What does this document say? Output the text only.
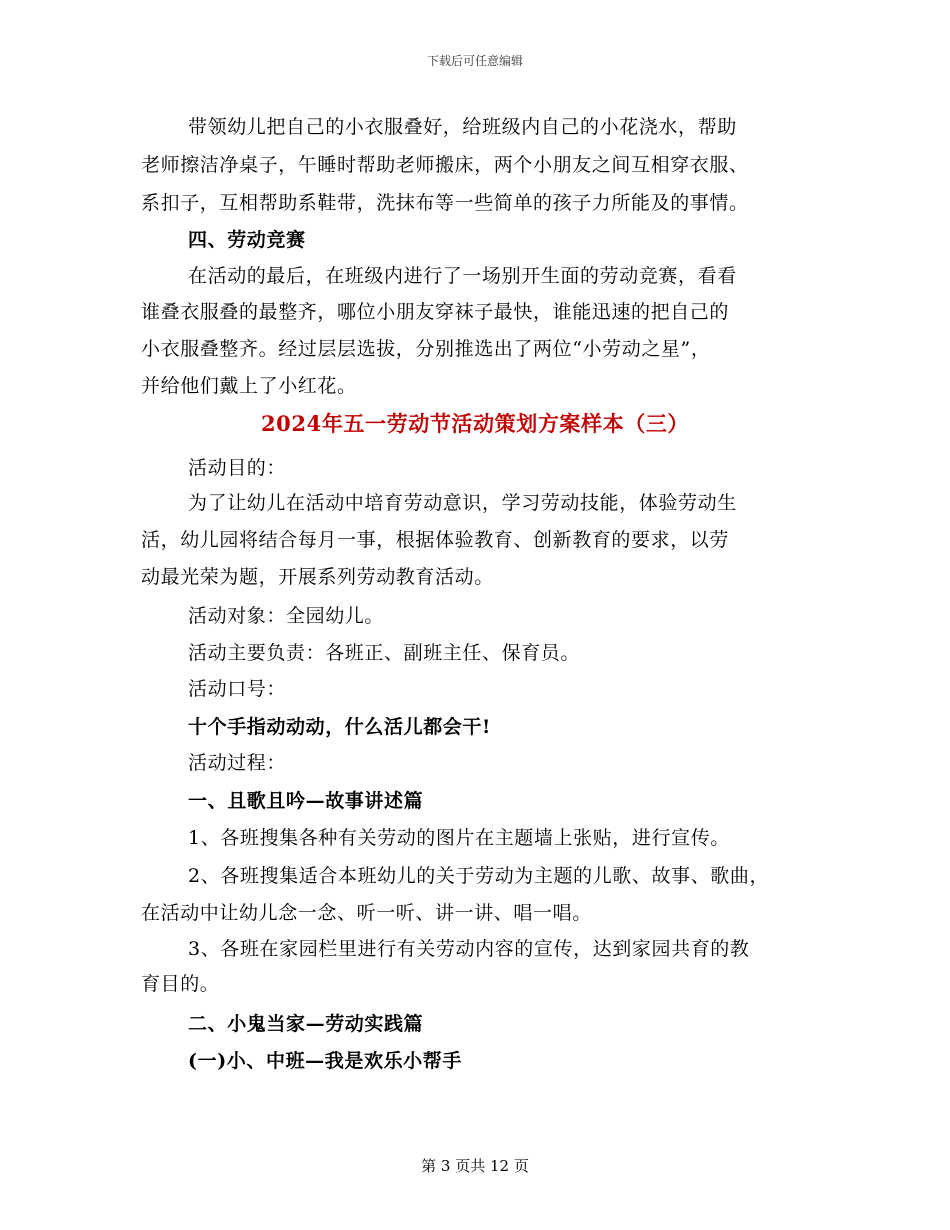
下载后可任意编辑
带领幼儿把自己的小衣服叠好，给班级内自己的小花浇水，帮助
老师擦洁净桌子，午睡时帮助老师搬床，两个小朋友之间互相穿衣服、
系扣子，互相帮助系鞋带，洗抹布等一些简单的孩子力所能及的事情。
四、劳动竞赛
在活动的最后，在班级内进行了一场别开生面的劳动竞赛，看看
谁叠衣服叠的最整齐，哪位小朋友穿袜子最快，谁能迅速的把自己的
小衣服叠整齐。经过层层选拔，分别推选出了两位“小劳动之星”，
并给他们戴上了小红花。
2024年五一劳动节活动策划方案样本（三）
活动目的：
为了让幼儿在活动中培育劳动意识，学习劳动技能，体验劳动生
活，幼儿园将结合每月一事，根据体验教育、创新教育的要求，以劳
动最光荣为题，开展系列劳动教育活动。
活动对象：全园幼儿。
活动主要负责：各班正、副班主任、保育员。
活动口号：
十个手指动动动，什么活儿都会干!
活动过程：
一、且歌且吟—故事讲述篇
1、各班搜集各种有关劳动的图片在主题墙上张贴，进行宣传。
2、各班搜集适合本班幼儿的关于劳动为主题的儿歌、故事、歌曲，
在活动中让幼儿念一念、听一听、讲一讲、唱一唱。
3、各班在家园栏里进行有关劳动内容的宣传，达到家园共育的教
育目的。
二、小鬼当家—劳动实践篇
(一)小、中班—我是欢乐小帮手
第 3 页共 12 页
